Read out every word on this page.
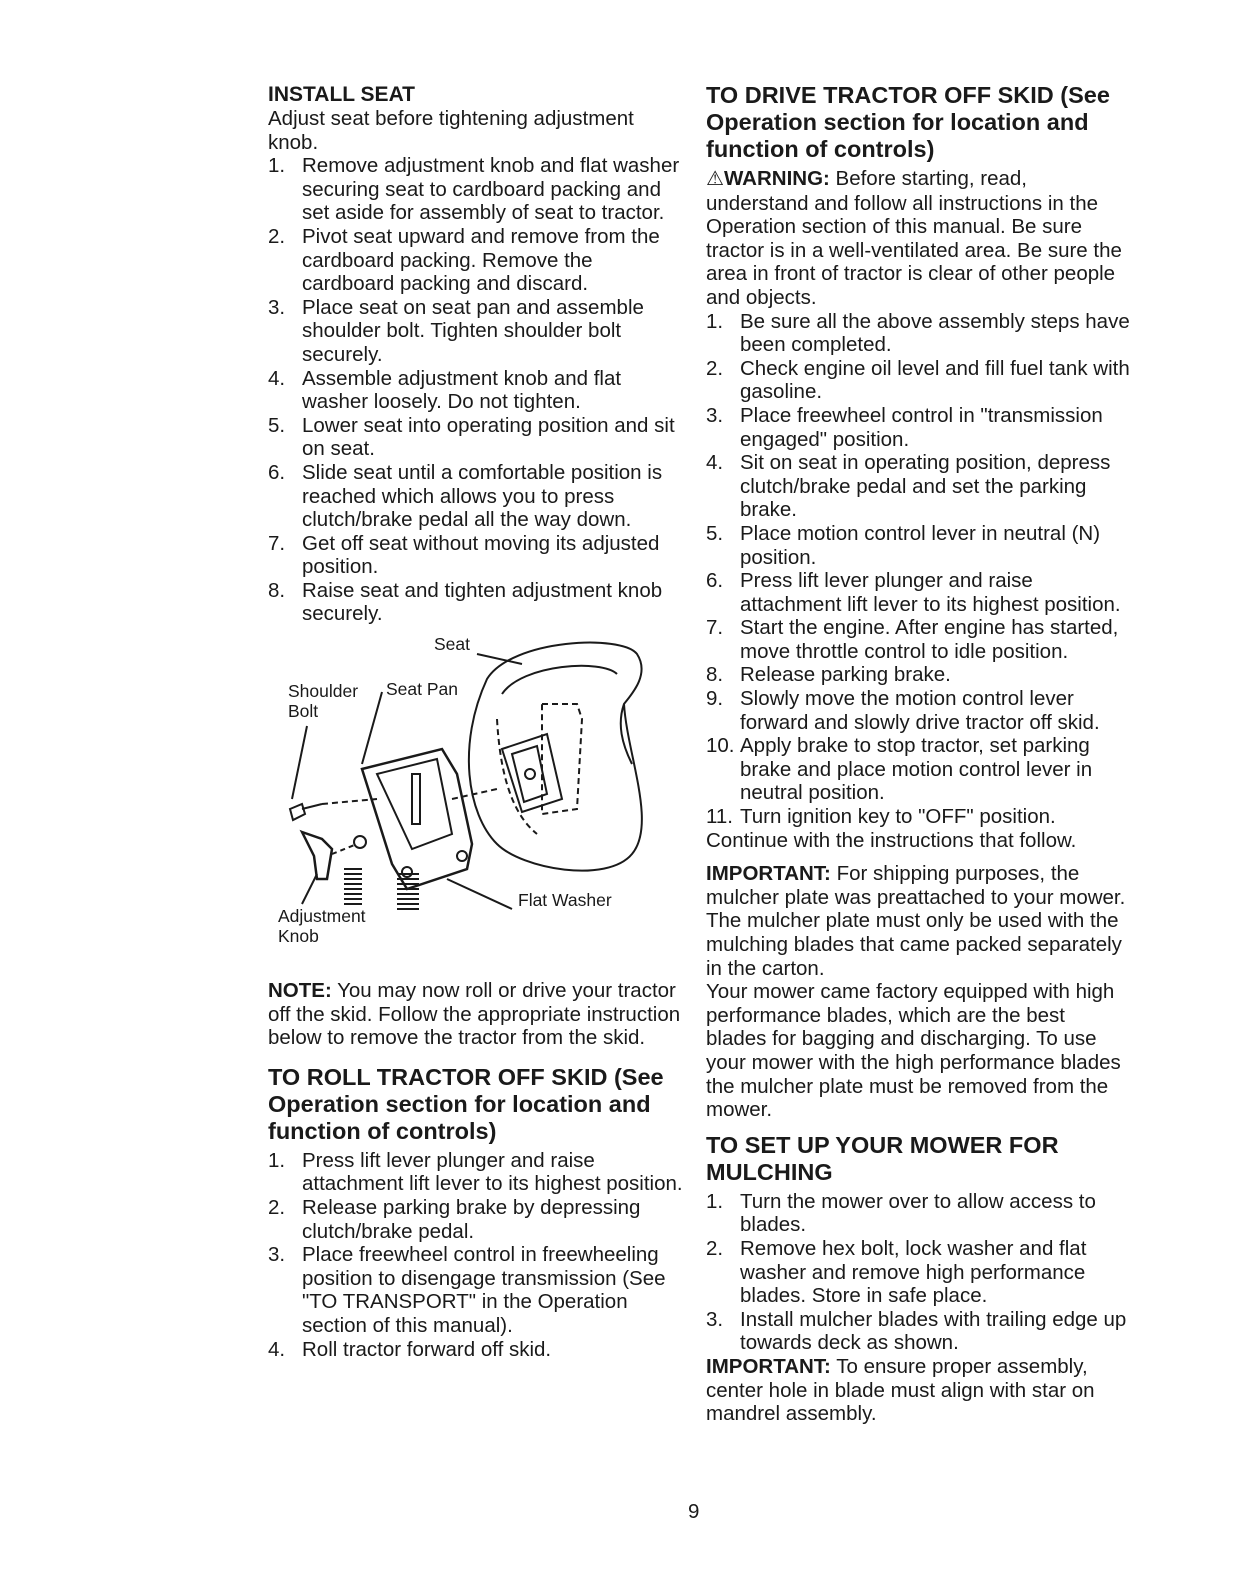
INSTALL SEAT

Adjust seat before tightening adjustment knob.

1. Remove adjustment knob and flat washer securing seat to cardboard packing and set aside for assembly of seat to tractor.
2. Pivot seat upward and remove from the cardboard packing. Remove the cardboard packing and discard.
3. Place seat on seat pan and assemble shoulder bolt. Tighten shoulder bolt securely.
4. Assemble adjustment knob and flat washer loosely. Do not tighten.
5. Lower seat into operating position and sit on seat.
6. Slide seat until a comfortable position is reached which allows you to press clutch/brake pedal all the way down.
7. Get off seat without moving its adjusted position.
8. Raise seat and tighten adjustment knob securely.
Seat
Shoulder
Bolt
Seat Pan
Flat Washer
Adjustment
Knob

NOTE: You may now roll or drive your tractor off the skid. Follow the appropriate instruction below to remove the tractor from the skid.

TO ROLL TRACTOR OFF SKID (See Operation section for location and function of controls)
1. Press lift lever plunger and raise attachment lift lever to its highest position.
2. Release parking brake by depressing clutch/brake pedal.
3. Place freewheel control in freewheeling position to disengage transmission (See "TO TRANSPORT" in the Operation section of this manual).
4. Roll tractor forward off skid.
TO DRIVE TRACTOR OFF SKID (See Operation section for location and function of controls)

⚠WARNING: Before starting, read, understand and follow all instructions in the Operation section of this manual. Be sure tractor is in a well-ventilated area. Be sure the area in front of tractor is clear of other people and objects.

1. Be sure all the above assembly steps have been completed.
2. Check engine oil level and fill fuel tank with gasoline.
3. Place freewheel control in "transmission engaged" position.
4. Sit on seat in operating position, depress clutch/brake pedal and set the parking brake.
5. Place motion control lever in neutral (N) position.
6. Press lift lever plunger and raise attachment lift lever to its highest position.
7. Start the engine. After engine has started, move throttle control to idle position.
8. Release parking brake.
9. Slowly move the motion control lever forward and slowly drive tractor off skid.
10. Apply brake to stop tractor, set parking brake and place motion control lever in neutral position.
11. Turn ignition key to "OFF" position.

Continue with the instructions that follow.

IMPORTANT: For shipping purposes, the mulcher plate was preattached to your mower. The mulcher plate must only be used with the mulching blades that came packed separately in the carton.

Your mower came factory equipped with high performance blades, which are the best blades for bagging and discharging. To use your mower with the high performance blades the mulcher plate must be removed from the mower.

TO SET UP YOUR MOWER FOR MULCHING
1. Turn the mower over to allow access to blades.
2. Remove hex bolt, lock washer and flat washer and remove high performance blades. Store in safe place.
3. Install mulcher blades with trailing edge up towards deck as shown.

IMPORTANT: To ensure proper assembly, center hole in blade must align with star on mandrel assembly.

9
